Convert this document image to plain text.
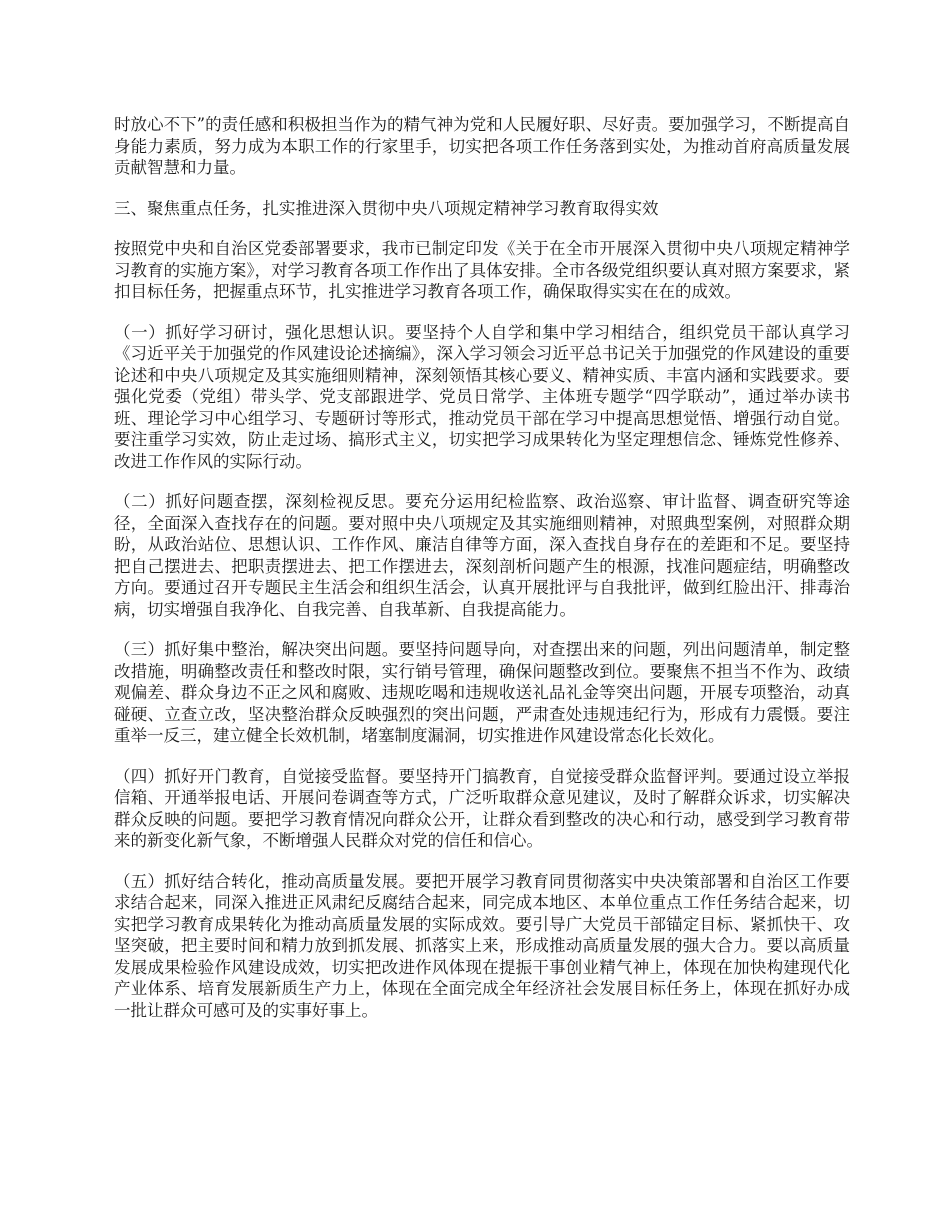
时放心不下”的责任感和积极担当作为的精气神为党和人民履好职、尽好责。要加强学习，不断提高自身能力素质，努力成为本职工作的行家里手，切实把各项工作任务落到实处，为推动首府高质量发展贡献智慧和力量。

三、聚焦重点任务，扎实推进深入贯彻中央八项规定精神学习教育取得实效

按照党中央和自治区党委部署要求，我市已制定印发《关于在全市开展深入贯彻中央八项规定精神学习教育的实施方案》，对学习教育各项工作作出了具体安排。全市各级党组织要认真对照方案要求，紧扣目标任务，把握重点环节，扎实推进学习教育各项工作，确保取得实实在在的成效。

（一）抓好学习研讨，强化思想认识。要坚持个人自学和集中学习相结合，组织党员干部认真学习《习近平关于加强党的作风建设论述摘编》，深入学习领会习近平总书记关于加强党的作风建设的重要论述和中央八项规定及其实施细则精神，深刻领悟其核心要义、精神实质、丰富内涵和实践要求。要强化党委（党组）带头学、党支部跟进学、党员日常学、主体班专题学“四学联动”，通过举办读书班、理论学习中心组学习、专题研讨等形式，推动党员干部在学习中提高思想觉悟、增强行动自觉。要注重学习实效，防止走过场、搞形式主义，切实把学习成果转化为坚定理想信念、锤炼党性修养、改进工作作风的实际行动。

（二）抓好问题查摆，深刻检视反思。要充分运用纪检监察、政治巡察、审计监督、调查研究等途径，全面深入查找存在的问题。要对照中央八项规定及其实施细则精神，对照典型案例，对照群众期盼，从政治站位、思想认识、工作作风、廉洁自律等方面，深入查找自身存在的差距和不足。要坚持把自己摆进去、把职责摆进去、把工作摆进去，深刻剖析问题产生的根源，找准问题症结，明确整改方向。要通过召开专题民主生活会和组织生活会，认真开展批评与自我批评，做到红脸出汗、排毒治病，切实增强自我净化、自我完善、自我革新、自我提高能力。

（三）抓好集中整治，解决突出问题。要坚持问题导向，对查摆出来的问题，列出问题清单，制定整改措施，明确整改责任和整改时限，实行销号管理，确保问题整改到位。要聚焦不担当不作为、政绩观偏差、群众身边不正之风和腐败、违规吃喝和违规收送礼品礼金等突出问题，开展专项整治，动真碰硬、立查立改，坚决整治群众反映强烈的突出问题，严肃查处违规违纪行为，形成有力震慑。要注重举一反三，建立健全长效机制，堵塞制度漏洞，切实推进作风建设常态化长效化。

（四）抓好开门教育，自觉接受监督。要坚持开门搞教育，自觉接受群众监督评判。要通过设立举报信箱、开通举报电话、开展问卷调查等方式，广泛听取群众意见建议，及时了解群众诉求，切实解决群众反映的问题。要把学习教育情况向群众公开，让群众看到整改的决心和行动，感受到学习教育带来的新变化新气象，不断增强人民群众对党的信任和信心。

（五）抓好结合转化，推动高质量发展。要把开展学习教育同贯彻落实中央决策部署和自治区工作要求结合起来，同深入推进正风肃纪反腐结合起来，同完成本地区、本单位重点工作任务结合起来，切实把学习教育成果转化为推动高质量发展的实际成效。要引导广大党员干部锚定目标、紧抓快干、攻坚突破，把主要时间和精力放到抓发展、抓落实上来，形成推动高质量发展的强大合力。要以高质量发展成果检验作风建设成效，切实把改进作风体现在提振干事创业精气神上，体现在加快构建现代化产业体系、培育发展新质生产力上，体现在全面完成全年经济社会发展目标任务上，体现在抓好办成一批让群众可感可及的实事好事上。
